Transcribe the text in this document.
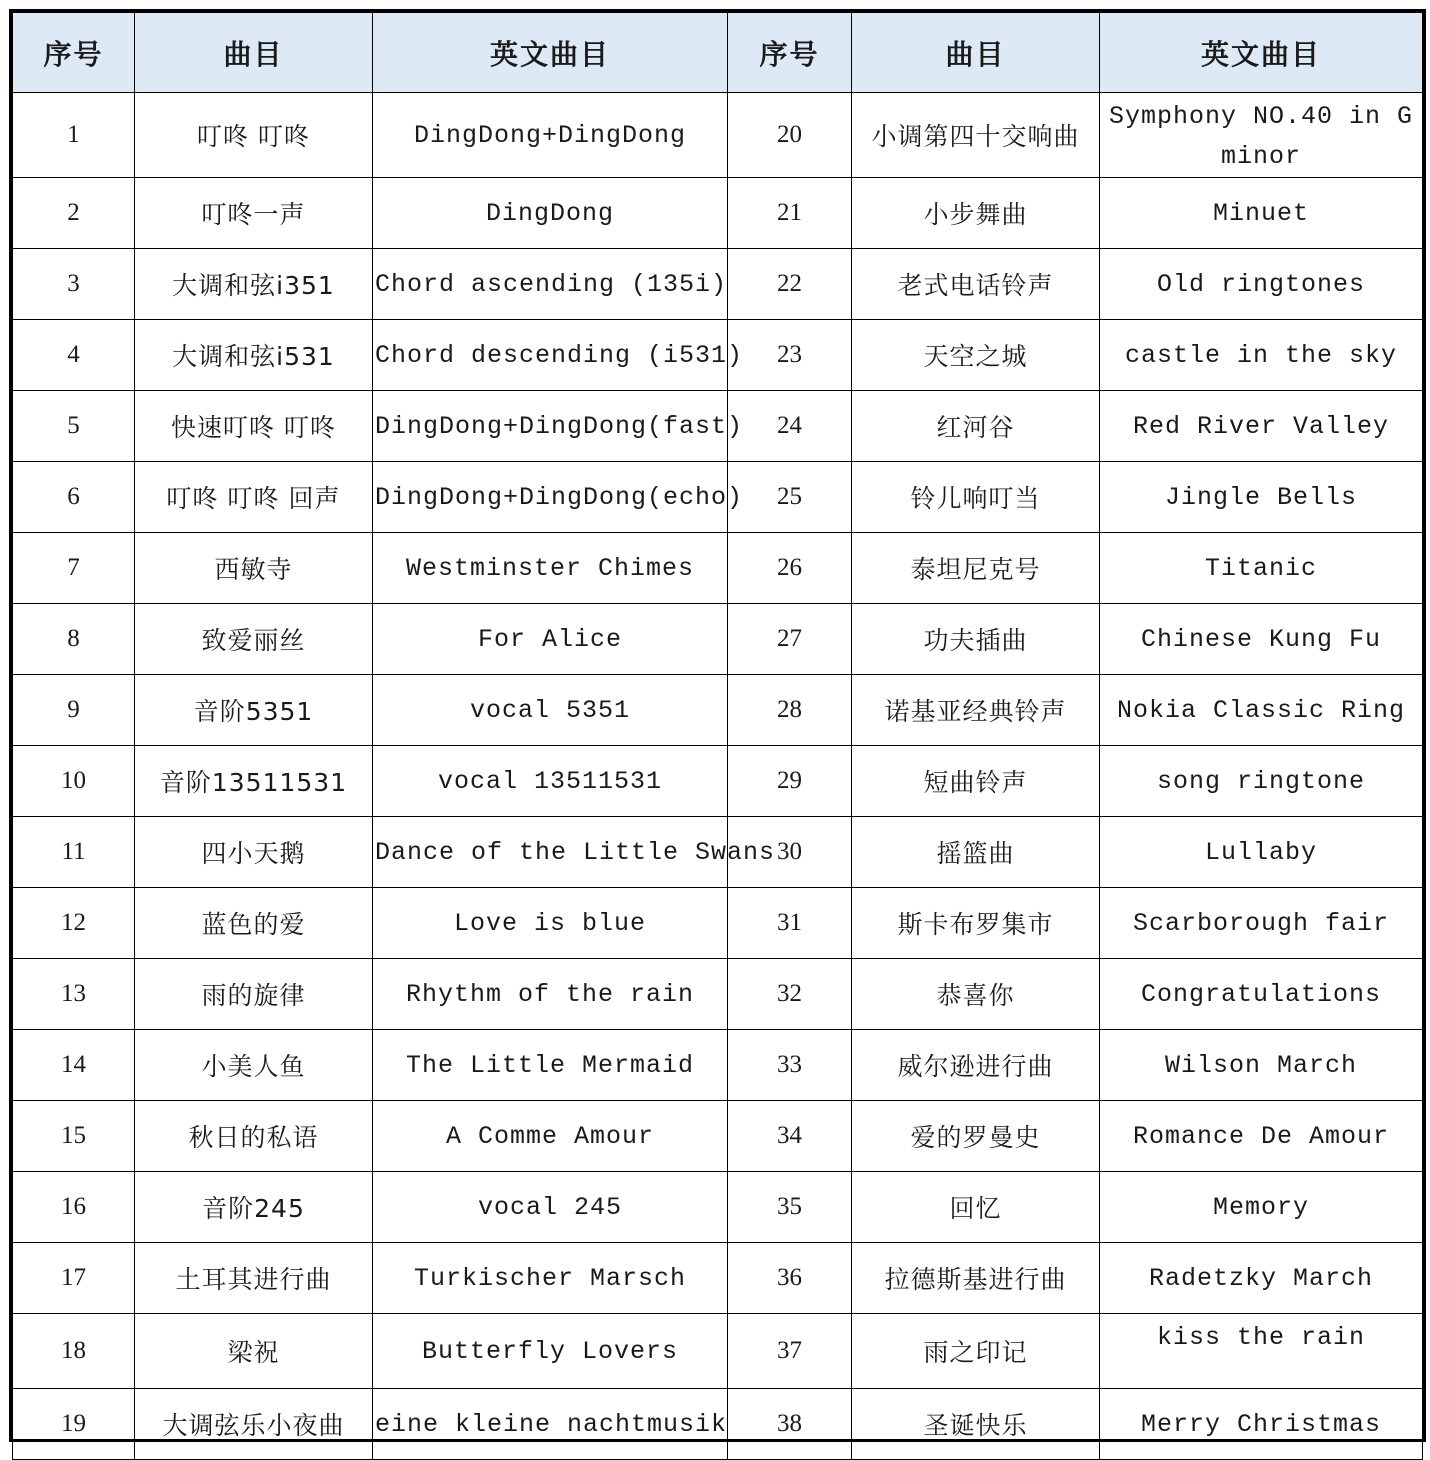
序号	曲目	英文曲目	序号	曲目	英文曲目
1	叮咚 叮咚	DingDong+DingDong	20	小调第四十交响曲	Symphony NO.40 in G minor
2	叮咚一声	DingDong	21	小步舞曲	Minuet
3	大调和弦i351	Chord ascending (135i)	22	老式电话铃声	Old ringtones
4	大调和弦i531	Chord descending (i531)	23	天空之城	castle in the sky
5	快速叮咚 叮咚	DingDong+DingDong(fast)	24	红河谷	Red River Valley
6	叮咚 叮咚 回声	DingDong+DingDong(echo)	25	铃儿响叮当	Jingle Bells
7	西敏寺	Westminster Chimes	26	泰坦尼克号	Titanic
8	致爱丽丝	For Alice	27	功夫插曲	Chinese Kung Fu
9	音阶5351	vocal 5351	28	诺基亚经典铃声	Nokia Classic Ring
10	音阶13511531	vocal 13511531	29	短曲铃声	song ringtone
11	四小天鹅	Dance of the Little Swans	30	摇篮曲	Lullaby
12	蓝色的爱	Love is blue	31	斯卡布罗集市	Scarborough fair
13	雨的旋律	Rhythm of the rain	32	恭喜你	Congratulations
14	小美人鱼	The Little Mermaid	33	威尔逊进行曲	Wilson March
15	秋日的私语	A Comme Amour	34	爱的罗曼史	Romance De Amour
16	音阶245	vocal 245	35	回忆	Memory
17	土耳其进行曲	Turkischer Marsch	36	拉德斯基进行曲	Radetzky March
18	梁祝	Butterfly Lovers	37	雨之印记	kiss the rain
19	大调弦乐小夜曲	eine kleine nachtmusik	38	圣诞快乐	Merry Christmas
